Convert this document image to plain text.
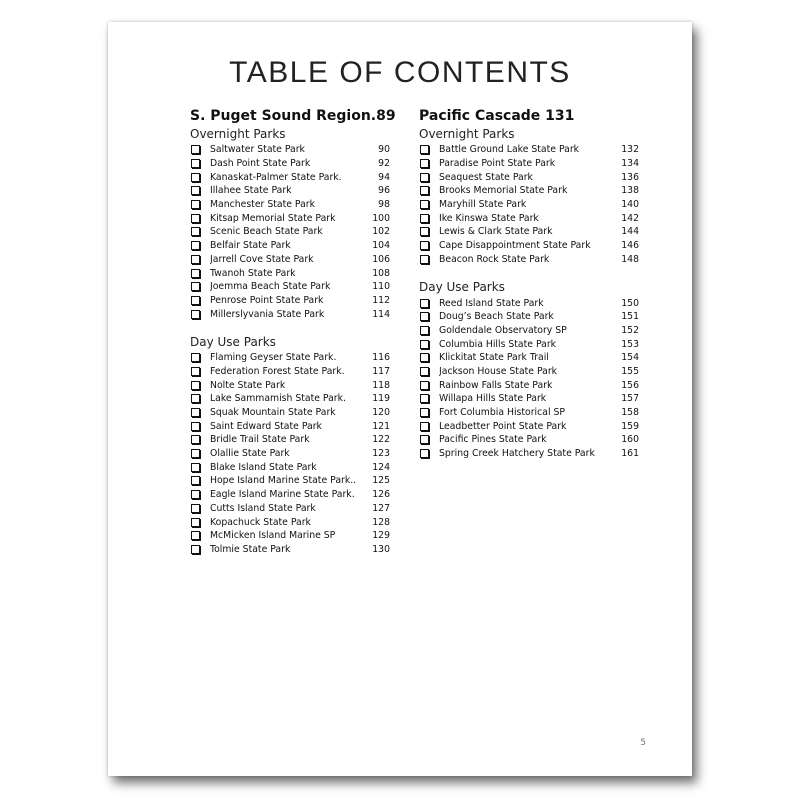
TABLE OF CONTENTS
S. Puget Sound Region.89
Overnight Parks
Saltwater State Park	90
Dash Point State Park	92
Kanaskat-Palmer State Park.	94
Illahee State Park	96
Manchester State Park	98
Kitsap Memorial State Park	100
Scenic Beach State Park	102
Belfair State Park	104
Jarrell Cove State Park	106
Twanoh State Park	108
Joemma Beach State Park	110
Penrose Point State Park	112
Millerslyvania State Park	114
Day Use Parks
Flaming Geyser State Park.	116
Federation Forest State Park.	117
Nolte State Park	118
Lake Sammamish State Park.	119
Squak Mountain State Park	120
Saint Edward State Park	121
Bridle Trail State Park	122
Olallie State Park	123
Blake Island State Park	124
Hope Island Marine State Park..	125
Eagle Island Marine State Park.	126
Cutts Island State Park	127
Kopachuck State Park	128
McMicken Island Marine SP	129
Tolmie State Park	130
Pacific Cascade 131
Overnight Parks
Battle Ground Lake State Park	132
Paradise Point State Park	134
Seaquest State Park	136
Brooks Memorial State Park	138
Maryhill State Park	140
Ike Kinswa State Park	142
Lewis & Clark State Park	144
Cape Disappointment State Park	146
Beacon Rock State Park	148
Day Use Parks
Reed Island State Park	150
Doug’s Beach State Park	151
Goldendale Observatory SP	152
Columbia Hills State Park	153
Klickitat State Park Trail	154
Jackson House State Park	155
Rainbow Falls State Park	156
Willapa Hills State Park	157
Fort Columbia Historical SP	158
Leadbetter Point State Park	159
Pacific Pines State Park	160
Spring Creek Hatchery State Park	161
5
